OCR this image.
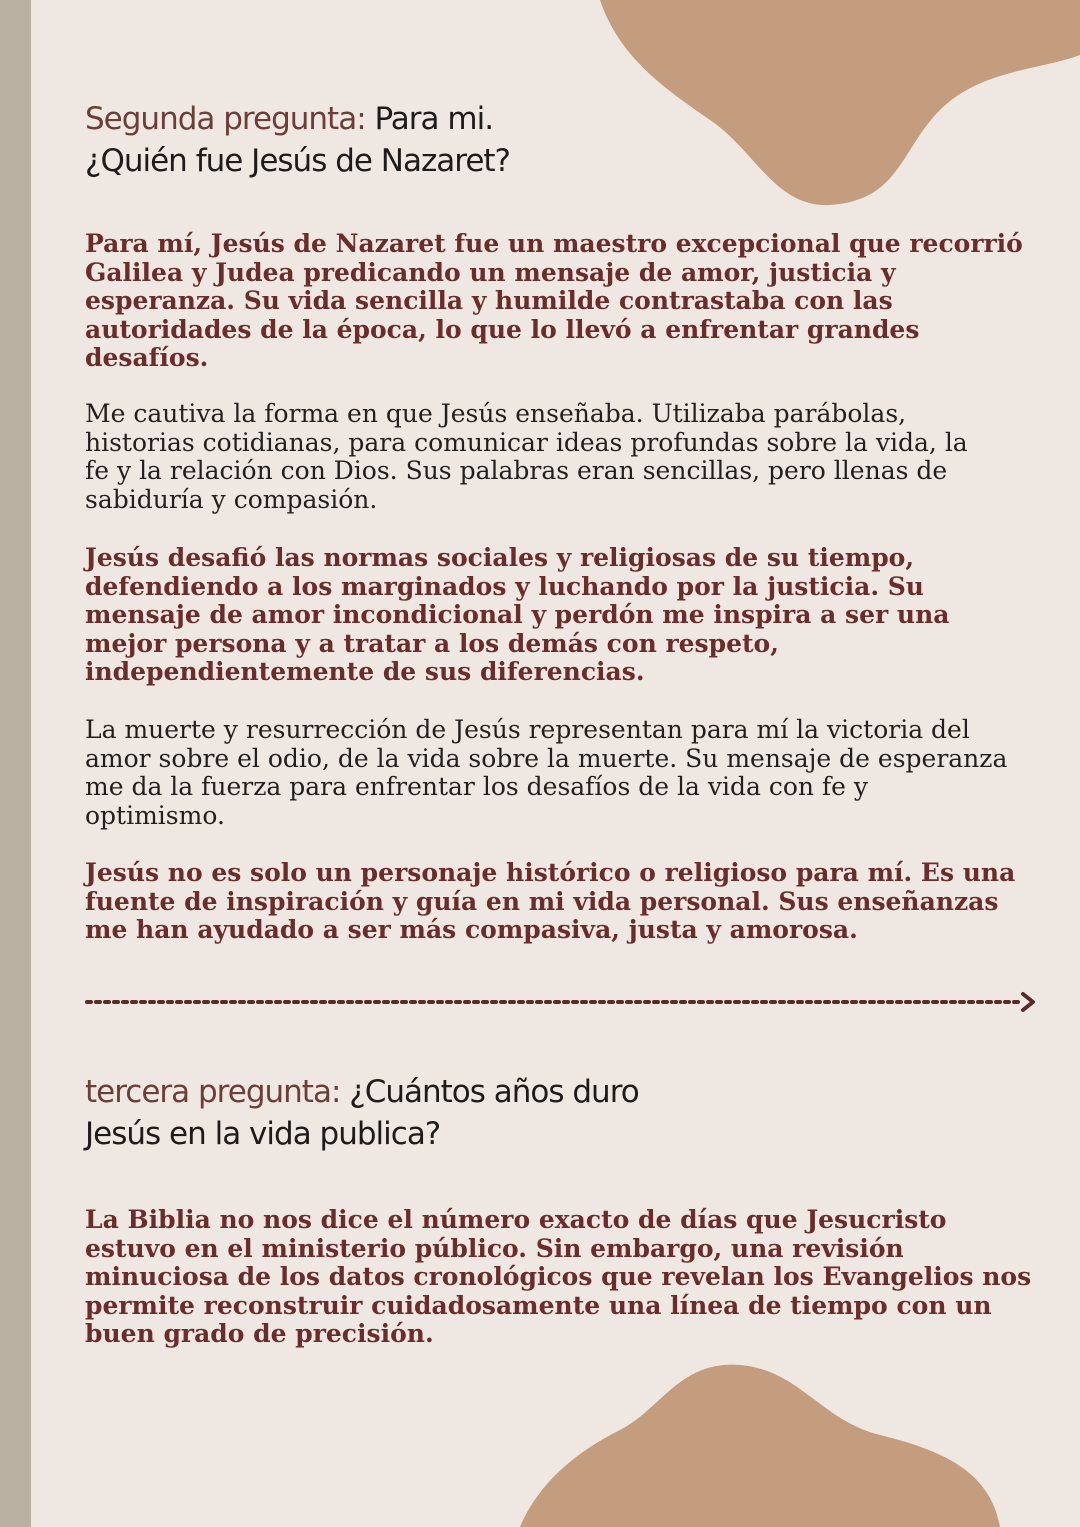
Segunda pregunta: Para mi.
¿Quién fue Jesús de Nazaret?

Para mí, Jesús de Nazaret fue un maestro excepcional que recorrió
Galilea y Judea predicando un mensaje de amor, justicia y
esperanza. Su vida sencilla y humilde contrastaba con las
autoridades de la época, lo que lo llevó a enfrentar grandes
desafíos.

Me cautiva la forma en que Jesús enseñaba. Utilizaba parábolas,
historias cotidianas, para comunicar ideas profundas sobre la vida, la
fe y la relación con Dios. Sus palabras eran sencillas, pero llenas de
sabiduría y compasión.

Jesús desafió las normas sociales y religiosas de su tiempo,
defendiendo a los marginados y luchando por la justicia. Su
mensaje de amor incondicional y perdón me inspira a ser una
mejor persona y a tratar a los demás con respeto,
independientemente de sus diferencias.

La muerte y resurrección de Jesús representan para mí la victoria del
amor sobre el odio, de la vida sobre la muerte. Su mensaje de esperanza
me da la fuerza para enfrentar los desafíos de la vida con fe y
optimismo.

Jesús no es solo un personaje histórico o religioso para mí. Es una
fuente de inspiración y guía en mi vida personal. Sus enseñanzas
me han ayudado a ser más compasiva, justa y amorosa.

tercera pregunta: ¿Cuántos años duro
Jesús en la vida publica?

La Biblia no nos dice el número exacto de días que Jesucristo
estuvo en el ministerio público. Sin embargo, una revisión
minuciosa de los datos cronológicos que revelan los Evangelios nos
permite reconstruir cuidadosamente una línea de tiempo con un
buen grado de precisión.
